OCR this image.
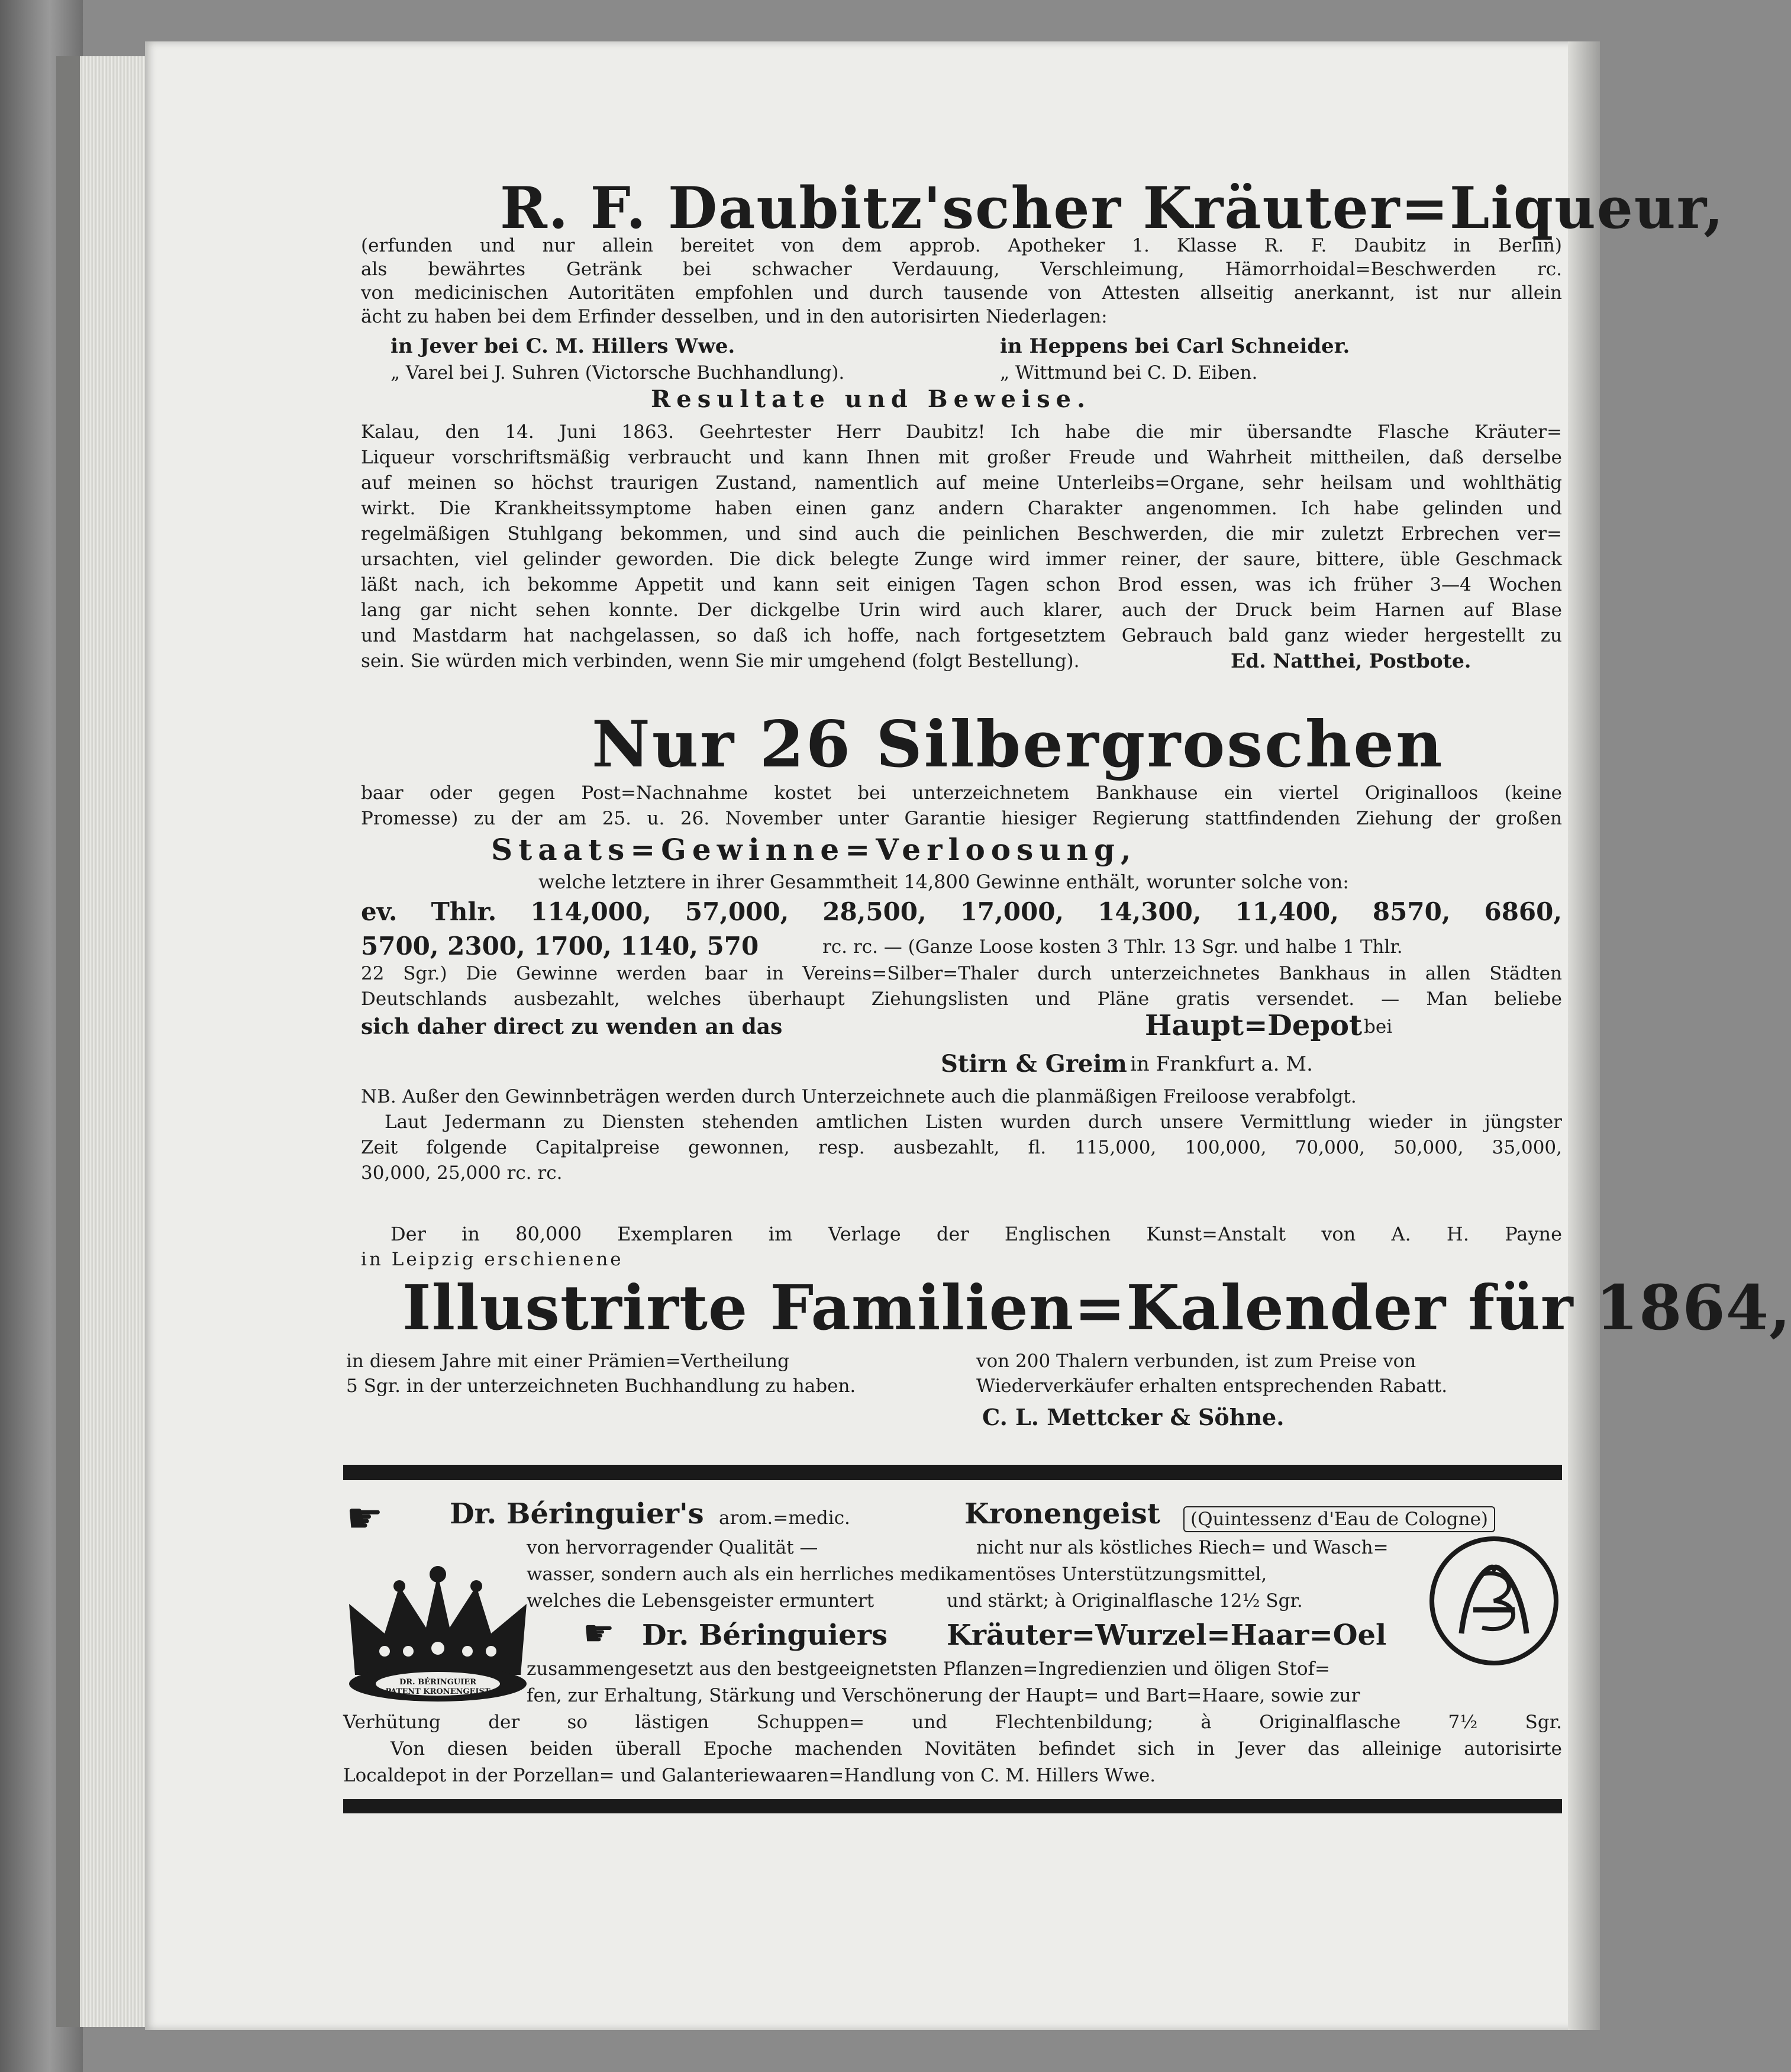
R. F. Daubitz'scher Kräuter=Liqueur,
(erfunden und nur allein bereitet von dem approb. Apotheker 1. Klasse R. F. Daubitz in Berlin)
als bewährtes Getränk bei schwacher Verdauung, Verschleimung, Hämorrhoidal=Beschwerden rc.
von medicinischen Autoritäten empfohlen und durch tausende von Attesten allseitig anerkannt, ist nur allein
ächt zu haben bei dem Erfinder desselben, und in den autorisirten Niederlagen:
in Jever bei C. M. Hillers Wwe.	in Heppens bei Carl Schneider.
„ Varel bei J. Suhren (Victorsche Buchhandlung).	„ Wittmund bei C. D. Eiben.
Resultate und Beweise.
Kalau, den 14. Juni 1863. Geehrtester Herr Daubitz! Ich habe die mir übersandte Flasche Kräuter=
Liqueur vorschriftsmäßig verbraucht und kann Ihnen mit großer Freude und Wahrheit mittheilen, daß derselbe
auf meinen so höchst traurigen Zustand, namentlich auf meine Unterleibs=Organe, sehr heilsam und wohlthätig
wirkt. Die Krankheitssymptome haben einen ganz andern Charakter angenommen. Ich habe gelinden und
regelmäßigen Stuhlgang bekommen, und sind auch die peinlichen Beschwerden, die mir zuletzt Erbrechen ver=
ursachten, viel gelinder geworden. Die dick belegte Zunge wird immer reiner, der saure, bittere, üble Geschmack
läßt nach, ich bekomme Appetit und kann seit einigen Tagen schon Brod essen, was ich früher 3—4 Wochen
lang gar nicht sehen konnte. Der dickgelbe Urin wird auch klarer, auch der Druck beim Harnen auf Blase
und Mastdarm hat nachgelassen, so daß ich hoffe, nach fortgesetztem Gebrauch bald ganz wieder hergestellt zu
sein. Sie würden mich verbinden, wenn Sie mir umgehend (folgt Bestellung).	Ed. Natthei, Postbote.
Nur 26 Silbergroschen
baar oder gegen Post=Nachnahme kostet bei unterzeichnetem Bankhause ein viertel Originalloos (keine
Promesse) zu der am 25. u. 26. November unter Garantie hiesiger Regierung stattfindenden Ziehung der großen
Staats=Gewinne=Verloosung,
welche letztere in ihrer Gesammtheit 14,800 Gewinne enthält, worunter solche von:
ev. Thlr. 114,000, 57,000, 28,500, 17,000, 14,300, 11,400, 8570, 6860,
5700, 2300, 1700, 1140, 570	rc. rc. — (Ganze Loose kosten 3 Thlr. 13 Sgr. und halbe 1 Thlr.
22 Sgr.) Die Gewinne werden baar in Vereins=Silber=Thaler durch unterzeichnetes Bankhaus in allen Städten
Deutschlands ausbezahlt, welches überhaupt Ziehungslisten und Pläne gratis versendet. — Man beliebe
sich daher direct zu wenden an das	Haupt=Depot bei
Stirn & Greim in Frankfurt a. M.
NB. Außer den Gewinnbeträgen werden durch Unterzeichnete auch die planmäßigen Freiloose verabfolgt.
Laut Jedermann zu Diensten stehenden amtlichen Listen wurden durch unsere Vermittlung wieder in jüngster
Zeit folgende Capitalpreise gewonnen, resp. ausbezahlt, fl. 115,000, 100,000, 70,000, 50,000, 35,000,
30,000, 25,000 rc. rc.
Der in 80,000 Exemplaren im Verlage der Englischen Kunst=Anstalt von A. H. Payne
in Leipzig erschienene
Illustrirte Familien=Kalender für 1864,
in diesem Jahre mit einer Prämien=Vertheilung
5 Sgr. in der unterzeichneten Buchhandlung zu haben.
von 200 Thalern verbunden, ist zum Preise von
Wiederverkäufer erhalten entsprechenden Rabatt.
C. L. Mettcker & Söhne.
☛ Dr. Béringuier's arom.=medic.	Kronengeist	(Quintessenz d'Eau de Cologne)
von hervorragender Qualität —	nicht nur als köstliches Riech= und Wasch=
wasser, sondern auch als ein herrliches medikamentöses Unterstützungsmittel,
welches die Lebensgeister ermuntert	und stärkt; à Originalflasche 12½ Sgr.
DR. BÉRINGUIER PATENT KRONENGEIST
☛ Dr. Béringuiers Kräuter=Wurzel=Haar=Oel
zusammengesetzt aus den bestgeeignetsten Pflanzen=Ingredienzien und öligen Stof=
fen, zur Erhaltung, Stärkung und Verschönerung der Haupt= und Bart=Haare, sowie zur
Verhütung der so lästigen Schuppen= und Flechtenbildung; à Originalflasche 7½ Sgr.
Von diesen beiden überall Epoche machenden Novitäten befindet sich in Jever das alleinige autorisirte
Localdepot in der Porzellan= und Galanteriewaaren=Handlung von C. M. Hillers Wwe.
